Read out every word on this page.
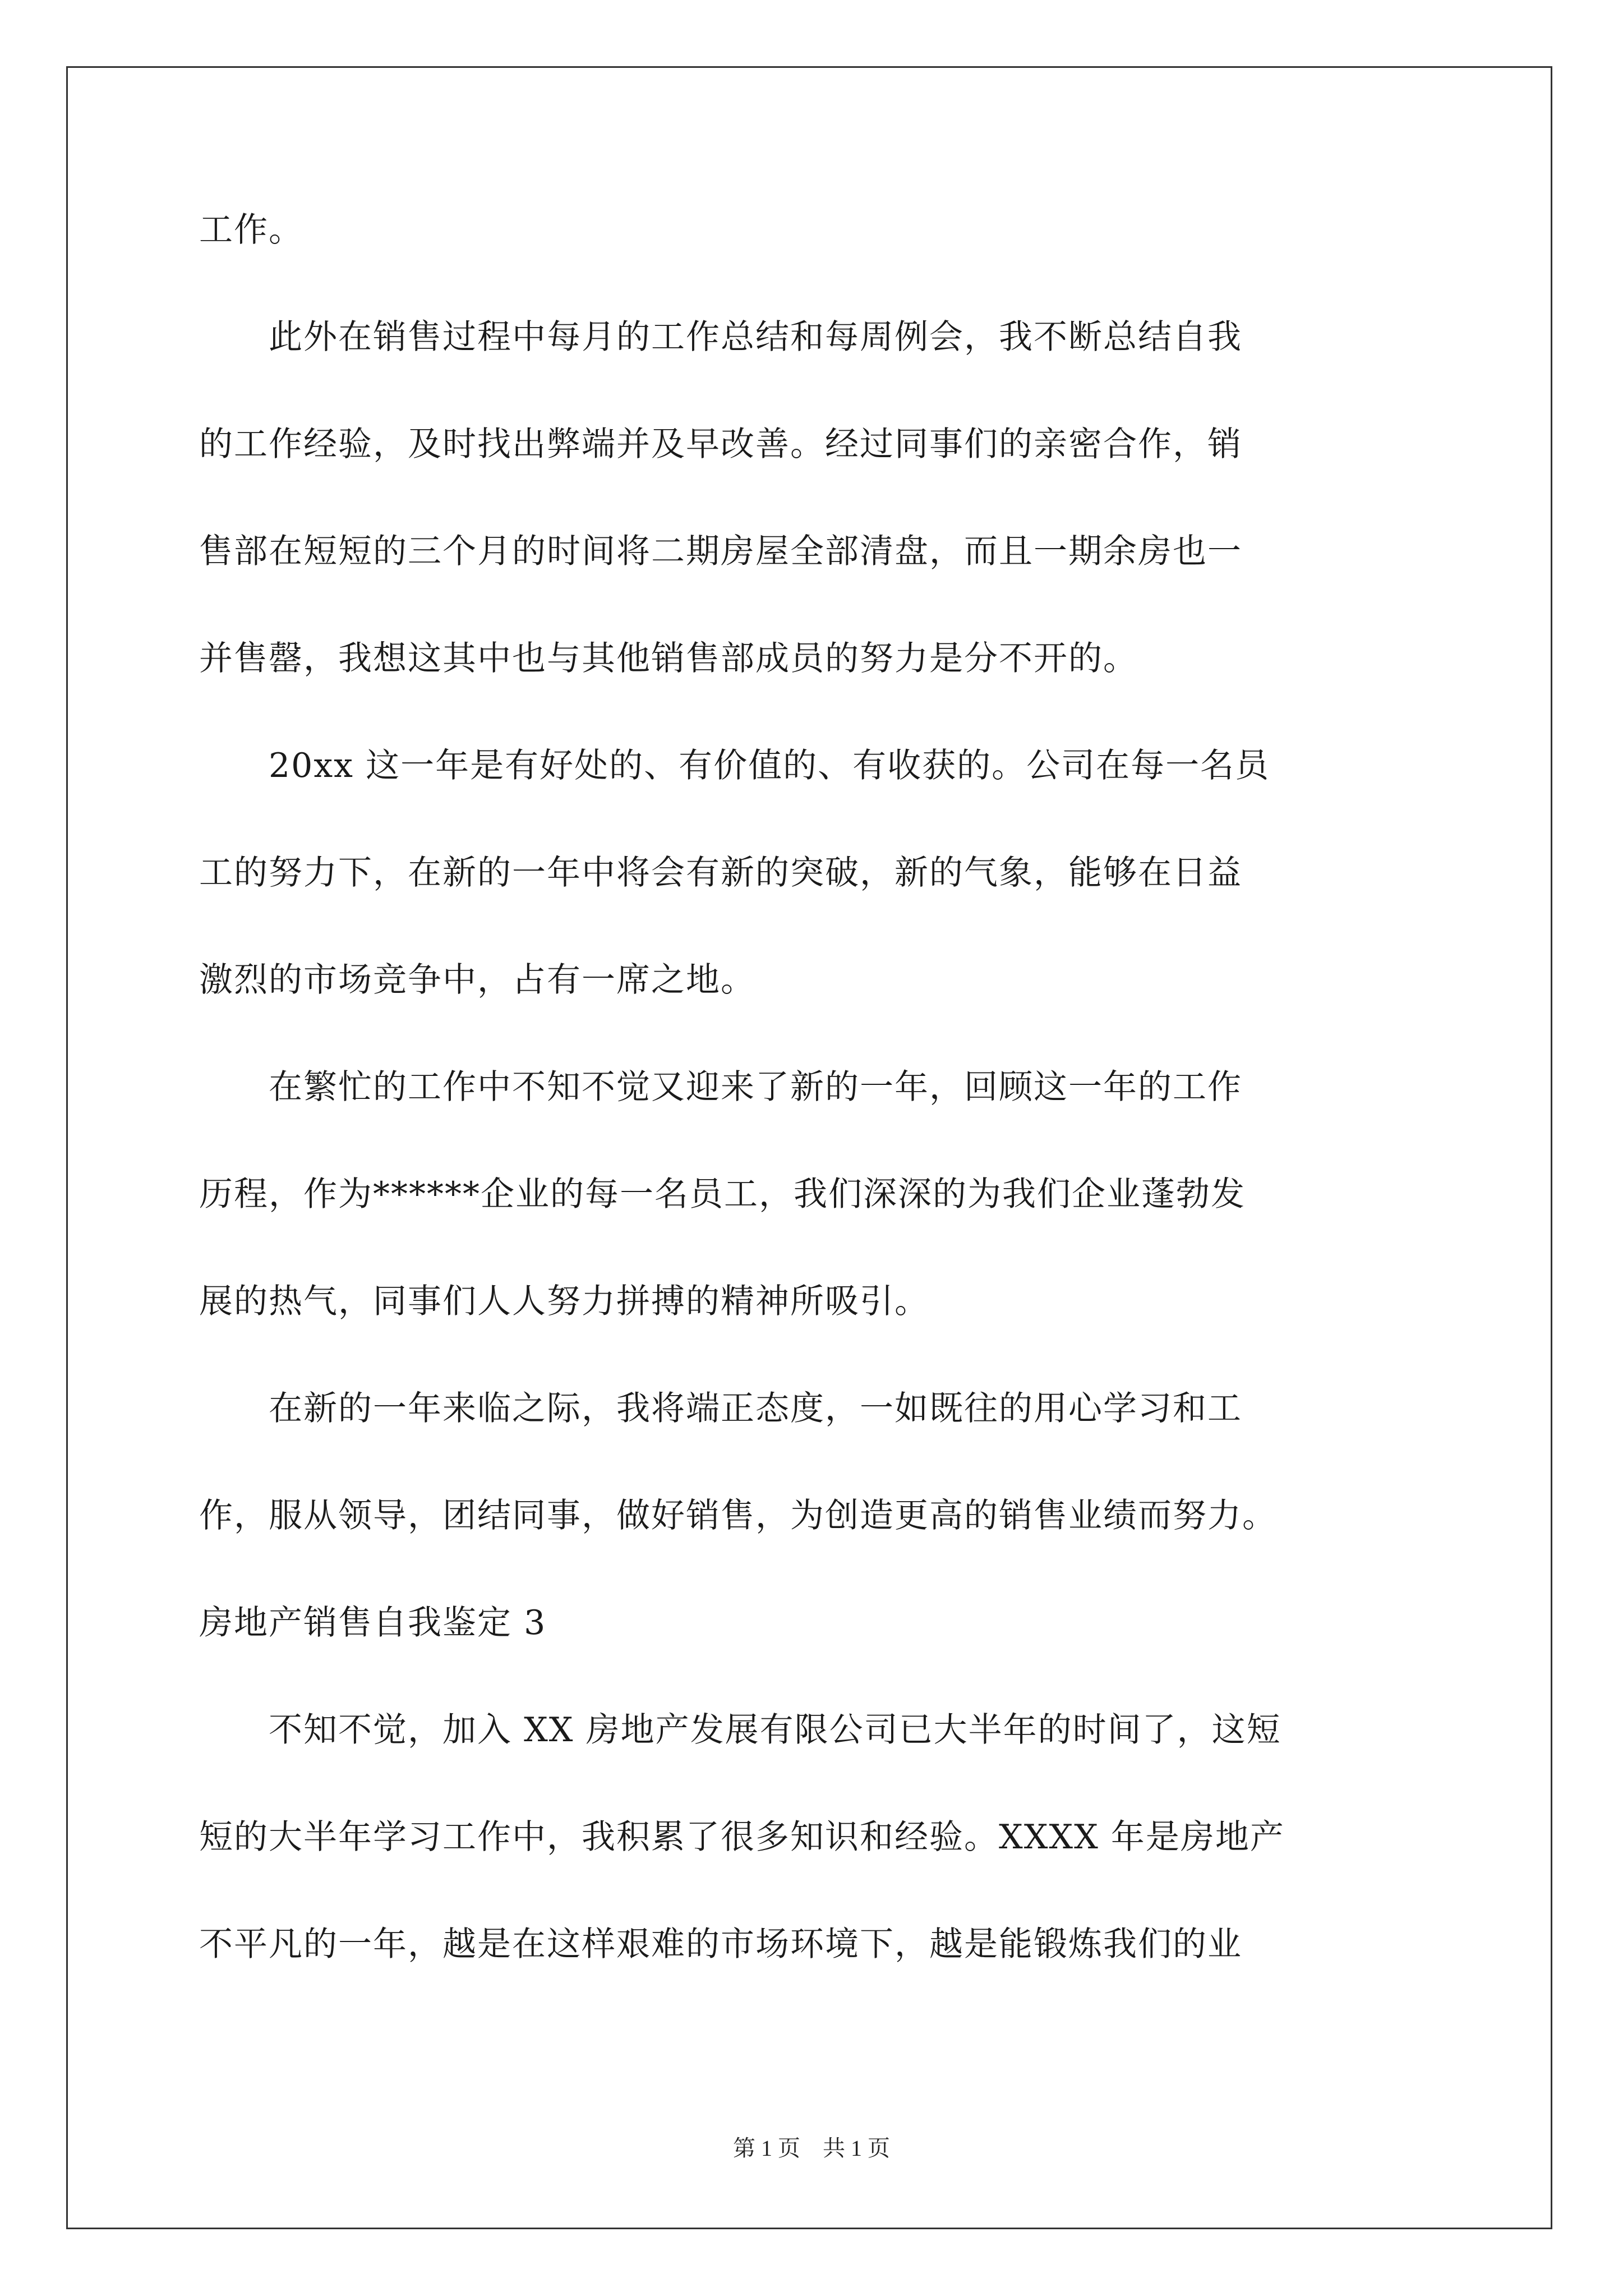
工作。
　　此外在销售过程中每月的工作总结和每周例会，我不断总结自我
的工作经验，及时找出弊端并及早改善。经过同事们的亲密合作，销
售部在短短的三个月的时间将二期房屋全部清盘，而且一期余房也一
并售罄，我想这其中也与其他销售部成员的努力是分不开的。
　　20xx 这一年是有好处的、有价值的、有收获的。公司在每一名员
工的努力下，在新的一年中将会有新的突破，新的气象，能够在日益
激烈的市场竞争中，占有一席之地。
　　在繁忙的工作中不知不觉又迎来了新的一年，回顾这一年的工作
历程，作为******企业的每一名员工，我们深深的为我们企业蓬勃发
展的热气，同事们人人努力拼搏的精神所吸引。
　　在新的一年来临之际，我将端正态度，一如既往的用心学习和工
作，服从领导，团结同事，做好销售，为创造更高的销售业绩而努力。
房地产销售自我鉴定 3
　　不知不觉，加入 XX 房地产发展有限公司已大半年的时间了，这短
短的大半年学习工作中，我积累了很多知识和经验。XXXX 年是房地产
不平凡的一年，越是在这样艰难的市场环境下，越是能锻炼我们的业
第 1 页　共 1 页
